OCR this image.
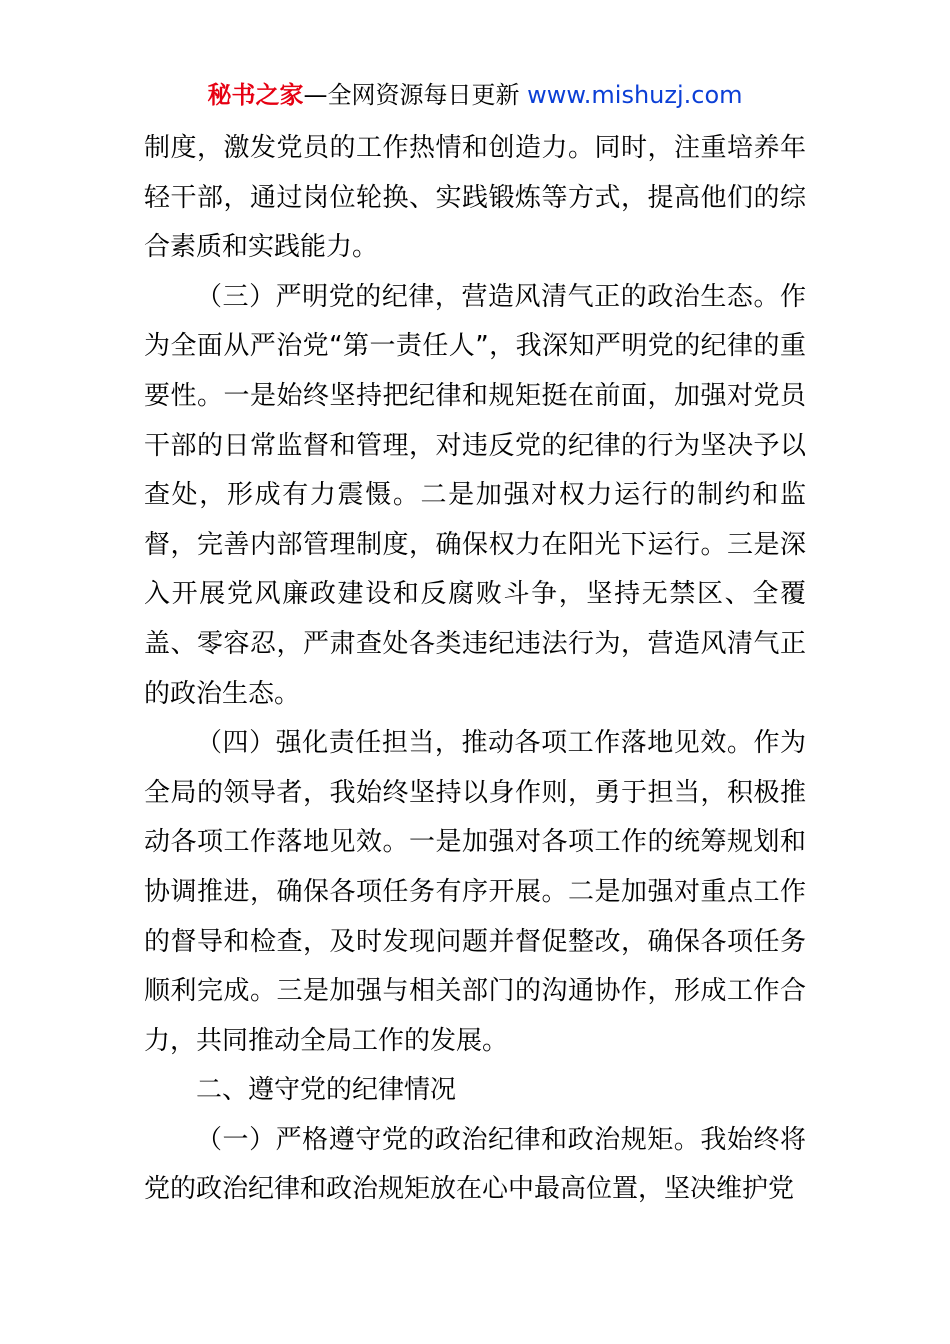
秘书之家—全网资源每日更新 www.mishuzj.com

制度，激发党员的工作热情和创造力。同时，注重培养年轻干部，通过岗位轮换、实践锻炼等方式，提高他们的综合素质和实践能力。

（三）严明党的纪律，营造风清气正的政治生态。作为全面从严治党“第一责任人”，我深知严明党的纪律的重要性。一是始终坚持把纪律和规矩挺在前面，加强对党员干部的日常监督和管理，对违反党的纪律的行为坚决予以查处，形成有力震慑。二是加强对权力运行的制约和监督，完善内部管理制度，确保权力在阳光下运行。三是深入开展党风廉政建设和反腐败斗争，坚持无禁区、全覆盖、零容忍，严肃查处各类违纪违法行为，营造风清气正的政治生态。

（四）强化责任担当，推动各项工作落地见效。作为全局的领导者，我始终坚持以身作则，勇于担当，积极推动各项工作落地见效。一是加强对各项工作的统筹规划和协调推进，确保各项任务有序开展。二是加强对重点工作的督导和检查，及时发现问题并督促整改，确保各项任务顺利完成。三是加强与相关部门的沟通协作，形成工作合力，共同推动全局工作的发展。

二、遵守党的纪律情况

（一）严格遵守党的政治纪律和政治规矩。我始终将党的政治纪律和政治规矩放在心中最高位置，坚决维护党
